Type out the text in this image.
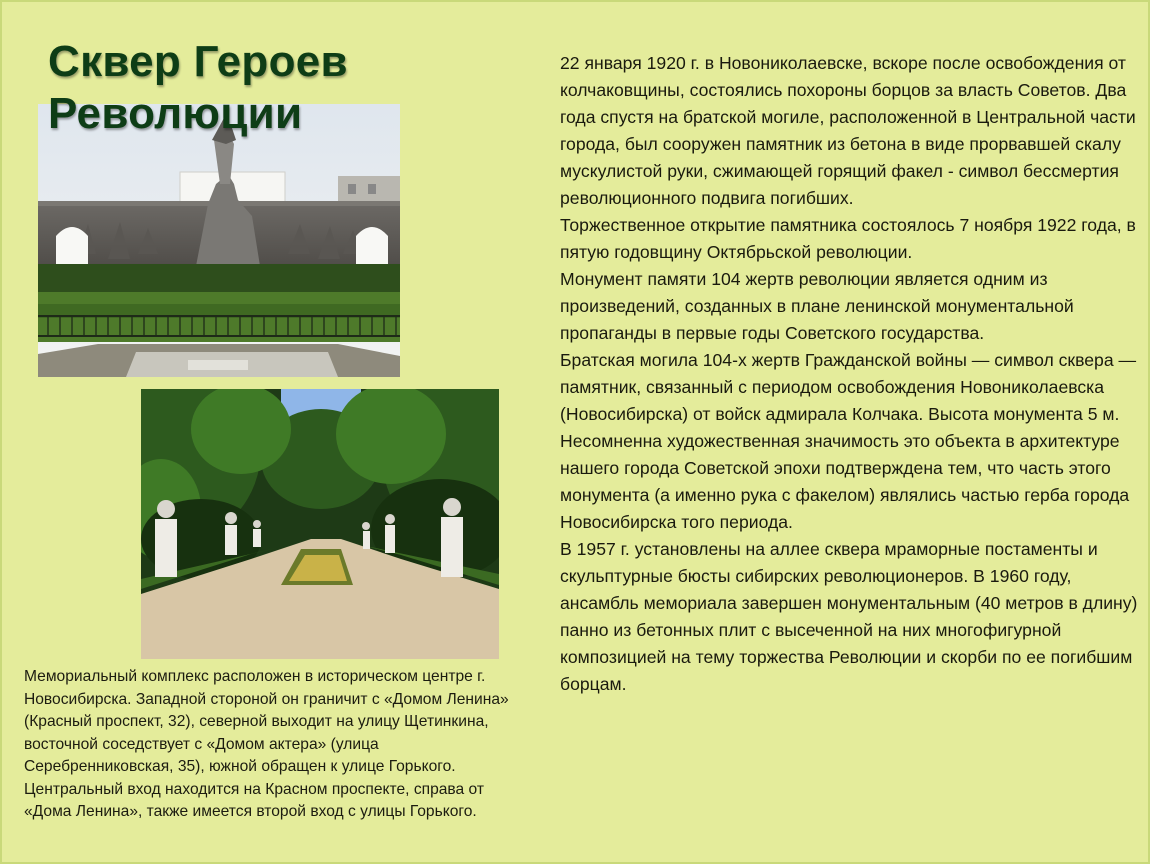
Сквер Героев Революции
Мемориальный комплекс расположен в историческом центре г. Новосибирска. Западной стороной он граничит с «Домом Ленина» (Красный проспект, 32), северной выходит на улицу Щетинкина, восточной соседствует с «Домом актера» (улица Серебренниковская, 35), южной обращен к улице Горького. Центральный вход находится на Красном проспекте, справа от «Дома Ленина», также имеется второй вход с улицы Горького.

22 января 1920 г. в Новониколаевске, вскоре после освобождения от колчаковщины, состоялись похороны борцов за власть Советов. Два года спустя на братской могиле, расположенной в Центральной части города, был сооружен памятник из бетона в виде прорвавшей скалу мускулистой руки, сжимающей горящий факел - символ бессмертия революционного подвига погибших.

Торжественное открытие памятника состоялось 7 ноября 1922 года, в пятую годовщину Октябрьской революции.

Монумент памяти 104 жертв революции является одним из произведений, созданных в плане ленинской монументальной пропаганды в первые годы Советского государства.

Братская могила 104-х жертв Гражданской войны — символ сквера — памятник, связанный с периодом освобождения Новониколаевска (Новосибирска) от войск адмирала Колчака. Высота монумента 5 м. Несомненна художественная значимость это объекта в архитектуре нашего города Советской эпохи подтверждена тем, что часть этого монумента (а именно рука с факелом) являлись частью герба города Новосибирска того периода.

В 1957 г. установлены на аллее сквера мраморные постаменты и скульптурные бюсты сибирских революционеров. В 1960 году, ансамбль мемориала завершен монументальным (40 метров в длину) панно из бетонных плит с высеченной на них многофигурной композицией на тему торжества Революции и скорби по ее погибшим борцам.
